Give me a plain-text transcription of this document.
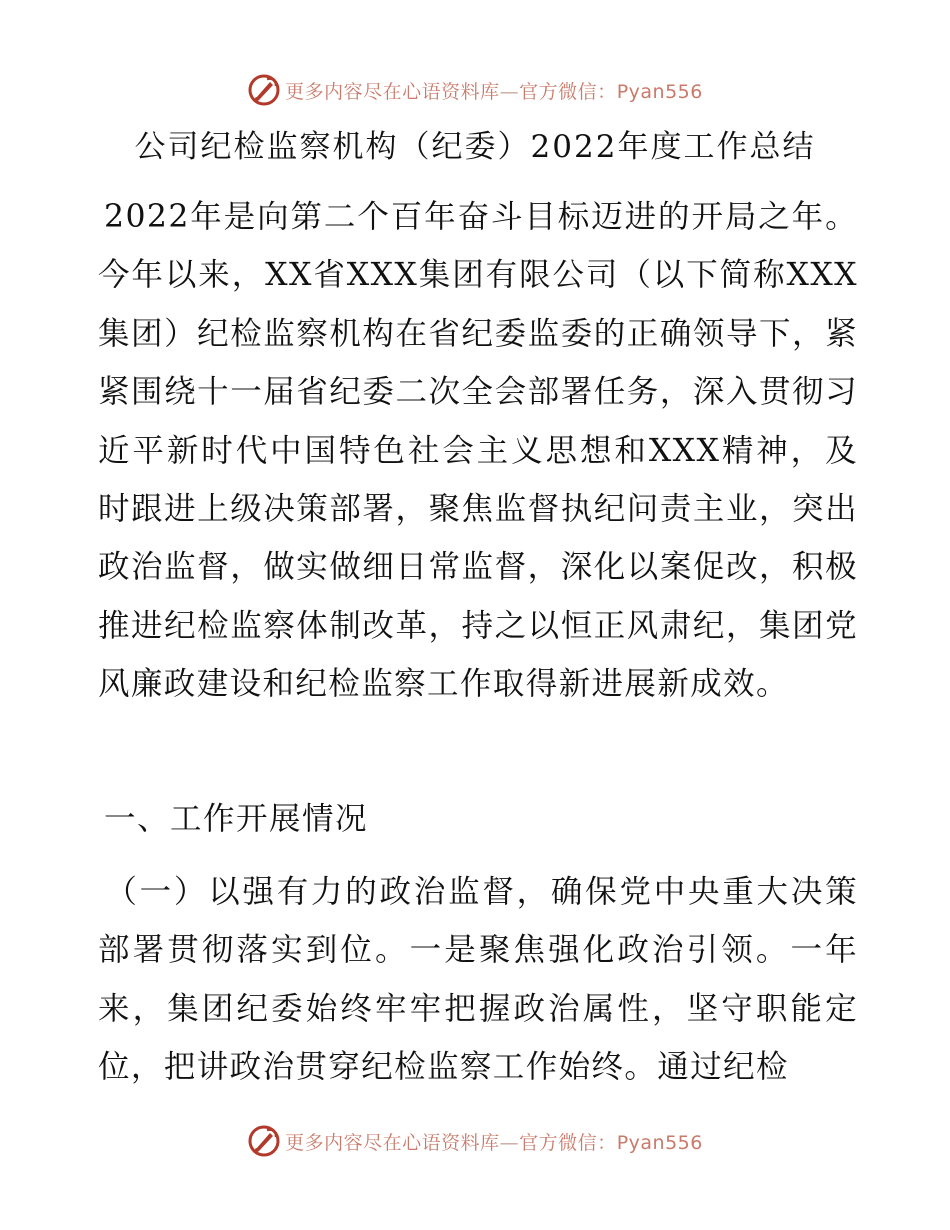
更多内容尽在心语资料库—官方微信：Pyan556
公司纪检监察机构（纪委）2022年度工作总结
2022年是向第二个百年奋斗目标迈进的开局之年。今年以来，XX省XXX集团有限公司（以下简称XXX集团）纪检监察机构在省纪委监委的正确领导下，紧紧围绕十一届省纪委二次全会部署任务，深入贯彻习近平新时代中国特色社会主义思想和XXX精神，及时跟进上级决策部署，聚焦监督执纪问责主业，突出政治监督，做实做细日常监督，深化以案促改，积极推进纪检监察体制改革，持之以恒正风肃纪，集团党风廉政建设和纪检监察工作取得新进展新成效。
一、工作开展情况
（一）以强有力的政治监督，确保党中央重大决策部署贯彻落实到位。一是聚焦强化政治引领。一年来，集团纪委始终牢牢把握政治属性，坚守职能定位，把讲政治贯穿纪检监察工作始终。通过纪检
更多内容尽在心语资料库—官方微信：Pyan556
